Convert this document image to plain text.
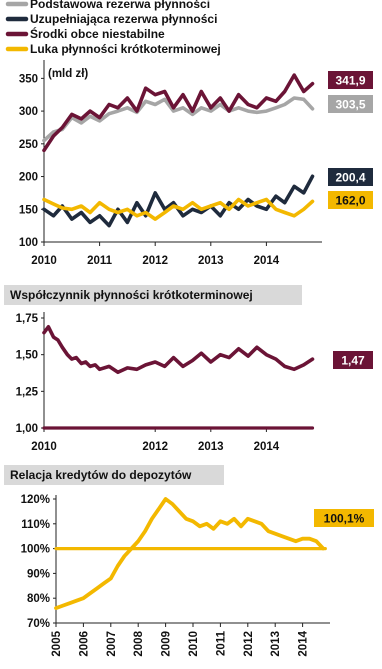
Podstawowa rezerwa płynności
Uzupełniająca rezerwa płynności
Środki obce niestabilne
Luka płynności krótkoterminowej
(mld zł)
100
150
200
250
300
350
2010	2011	2012	2013	2014
341,9
303,5
200,4
162,0
Współczynnik płynności krótkoterminowej
1,00
1,25
1,50
1,75
2010	2012	2013	2014
1,47
Relacja kredytów do depozytów
70%
80%
90%
100%
110%
120%
2005 2006 2007 2008 2009 2010 2011 2012 2013 2014
100,1%
